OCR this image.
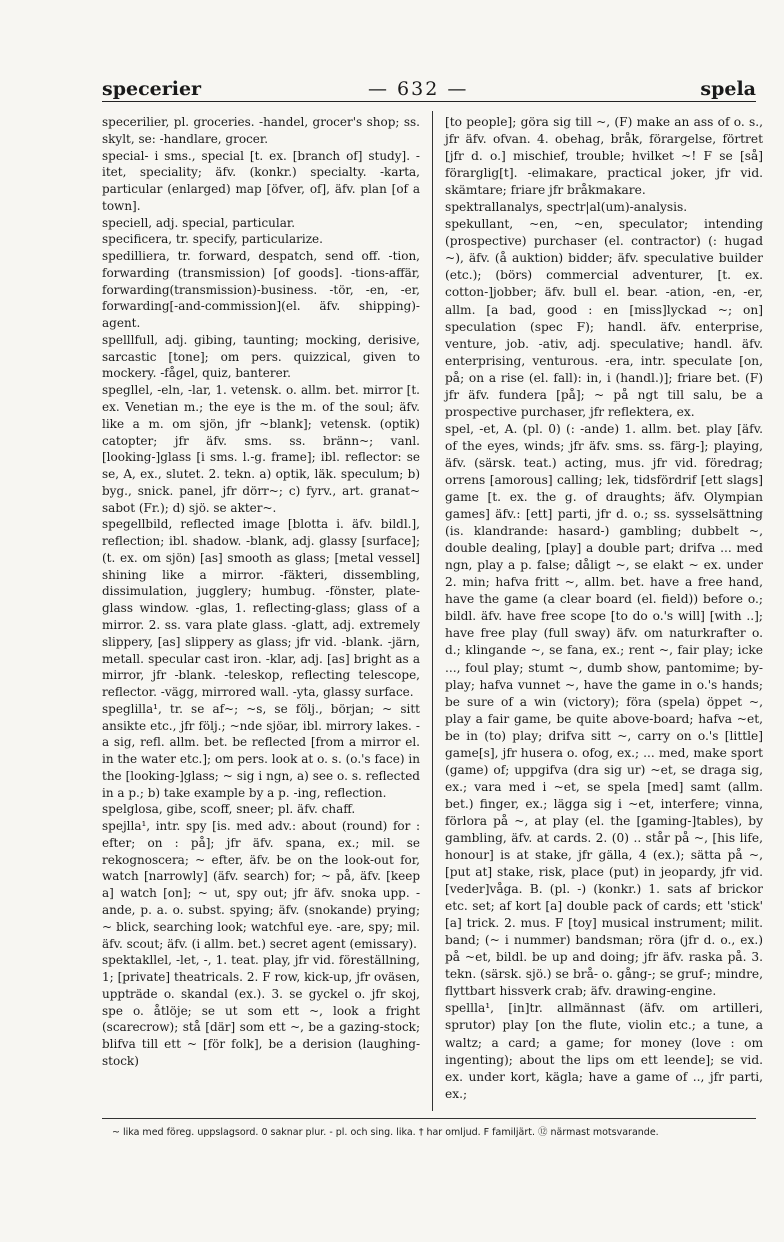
specerier	— 632 —	spela

specerilier, pl. groceries. -handel, grocer's shop; ss. skylt, se: -handlare, grocer.

special- i sms., special [t. ex. [branch of] study]. -itet, speciality; äfv. (konkr.) specialty. -karta, particular (enlarged) map [öfver, of], äfv. plan [of a town].

speciell, adj. special, particular.

specificera, tr. specify, particularize.

spedilliera, tr. forward, despatch, send off. -tion, forwarding (transmission) [of goods]. -tions-affär, forwarding(transmission)-business. -tör, -en, -er, forwarding[-and-commission](el. äfv. shipping)-agent.

spelllfull, adj. gibing, taunting; mocking, derisive, sarcastic [tone]; om pers. quizzical, given to mockery. -fågel, quiz, banterer.

spegllel, -eln, -lar, 1. vetensk. o. allm. bet. mirror [t. ex. Venetian m.; the eye is the m. of the soul; äfv. like a m. om sjön, jfr ~blank]; vetensk. (optik) catopter; jfr äfv. sms. ss. bränn~; vanl. [looking-]glass [i sms. l.-g. frame]; ibl. reflector: se se, A, ex., slutet. 2. tekn. a) optik, läk. speculum; b) byg., snick. panel, jfr dörr~; c) fyrv., art. granat~ sabot (Fr.); d) sjö. se akter~.

spegellbild, reflected image [blotta i. äfv. bildl.], reflection; ibl. shadow. -blank, adj. glassy [surface]; (t. ex. om sjön) [as] smooth as glass; [metal vessel] shining like a mirror. -fäkteri, dissembling, dissimulation, jugglery; humbug. -fönster, plate-glass window. -glas, 1. reflecting-glass; glass of a mirror. 2. ss. vara plate glass. -glatt, adj. extremely slippery, [as] slippery as glass; jfr vid. -blank. -järn, metall. specular cast iron. -klar, adj. [as] bright as a mirror, jfr -blank. -teleskop, reflecting telescope, reflector. -vägg, mirrored wall. -yta, glassy surface.

speglilla¹, tr. se af~; ~s, se följ., början; ~ sitt ansikte etc., jfr följ.; ~nde sjöar, ibl. mirrory lakes. -a sig, refl. allm. bet. be reflected [from a mirror el. in the water etc.]; om pers. look at o. s. (o.'s face) in the [looking-]glass; ~ sig i ngn, a) see o. s. reflected in a p.; b) take example by a p. -ing, reflection.

spelglosa, gibe, scoff, sneer; pl. äfv. chaff.

spejlla¹, intr. spy [is. med adv.: about (round) for : efter; on : på]; jfr äfv. spana, ex.; mil. se rekognoscera; ~ efter, äfv. be on the look-out for, watch [narrowly] (äfv. search) for; ~ på, äfv. [keep a] watch [on]; ~ ut, spy out; jfr äfv. snoka upp. -ande, p. a. o. subst. spying; äfv. (snokande) prying; ~ blick, searching look; watchful eye. -are, spy; mil. äfv. scout; äfv. (i allm. bet.) secret agent (emissary).

spektakllel, -let, -, 1. teat. play, jfr vid. föreställning, 1; [private] theatricals. 2. F row, kick-up, jfr oväsen, uppträde o. skandal (ex.). 3. se gyckel o. jfr skoj, spe o. åtlöje; se ut som ett ~, look a fright (scarecrow); stå [där] som ett ~, be a gazing-stock; blifva till ett ~ [för folk], be a derision (laughing-stock)

[to people]; göra sig till ~, (F) make an ass of o. s., jfr äfv. ofvan. 4. obehag, bråk, förargelse, förtret [jfr d. o.] mischief, trouble; hvilket ~! F se [så] förarglig[t]. -elimakare, practical joker, jfr vid. skämtare; friare jfr bråkmakare.

spektrallanalys, spectr|al(um)-analysis.

spekullant, ~en, ~en, speculator; intending (prospective) purchaser (el. contractor) (: hugad ~), äfv. (å auktion) bidder; äfv. speculative builder (etc.); (börs) commercial adventurer, [t. ex. cotton-]jobber; äfv. bull el. bear. -ation, -en, -er, allm. [a bad, good : en [miss]lyckad ~; on] speculation (spec F); handl. äfv. enterprise, venture, job. -ativ, adj. speculative; handl. äfv. enterprising, venturous. -era, intr. speculate [on, på; on a rise (el. fall): in, i (handl.)]; friare bet. (F) jfr äfv. fundera [på]; ~ på ngt till salu, be a prospective purchaser, jfr reflektera, ex.

spel, -et, A. (pl. 0) (: -ande) 1. allm. bet. play [äfv. of the eyes, winds; jfr äfv. sms. ss. färg-]; playing, äfv. (särsk. teat.) acting, mus. jfr vid. föredrag; orrens [amorous] calling; lek, tidsfördrif [ett slags] game [t. ex. the g. of draughts; äfv. Olympian games] äfv.: [ett] parti, jfr d. o.; ss. sysselsättning (is. klandrande: hasard-) gambling; dubbelt ~, double dealing, [play] a double part; drifva ... med ngn, play a p. false; dåligt ~, se elakt ~ ex. under 2. min; hafva fritt ~, allm. bet. have a free hand, have the game (a clear board (el. field)) before o.; bildl. äfv. have free scope [to do o.'s will] [with ..]; have free play (full sway) äfv. om naturkrafter o. d.; klingande ~, se fana, ex.; rent ~, fair play; icke ..., foul play; stumt ~, dumb show, pantomime; by-play; hafva vunnet ~, have the game in o.'s hands; be sure of a win (victory); föra (spela) öppet ~, play a fair game, be quite above-board; hafva ~et, be in (to) play; drifva sitt ~, carry on o.'s [little] game[s], jfr husera o. ofog, ex.; ... med, make sport (game) of; uppgifva (dra sig ur) ~et, se draga sig, ex.; vara med i ~et, se spela [med] samt (allm. bet.) finger, ex.; lägga sig i ~et, interfere; vinna, förlora på ~, at play (el. the [gaming-]tables), by gambling, äfv. at cards. 2. (0) .. står på ~, [his life, honour] is at stake, jfr gälla, 4 (ex.); sätta på ~, [put at] stake, risk, place (put) in jeopardy, jfr vid. [veder]våga. B. (pl. -) (konkr.) 1. sats af brickor etc. set; af kort [a] double pack of cards; ett 'stick' [a] trick. 2. mus. F [toy] musical instrument; milit. band; (~ i nummer) bandsman; röra (jfr d. o., ex.) på ~et, bildl. be up and doing; jfr äfv. raska på. 3. tekn. (särsk. sjö.) se brå- o. gång-; se gruf-; mindre, flyttbart hissverk crab; äfv. drawing-engine.

spellla¹, [in]tr. allmännast (äfv. om artilleri, sprutor) play [on the flute, violin etc.; a tune, a waltz; a card; a game; for money (love : om ingenting); about the lips om ett leende]; se vid. ex. under kort, kägla; have a game of .., jfr parti, ex.;

~ lika med föreg. uppslagsord. 0 saknar plur. - pl. och sing. lika. † har omljud. F familjärt. ⑫ närmast motsvarande.
